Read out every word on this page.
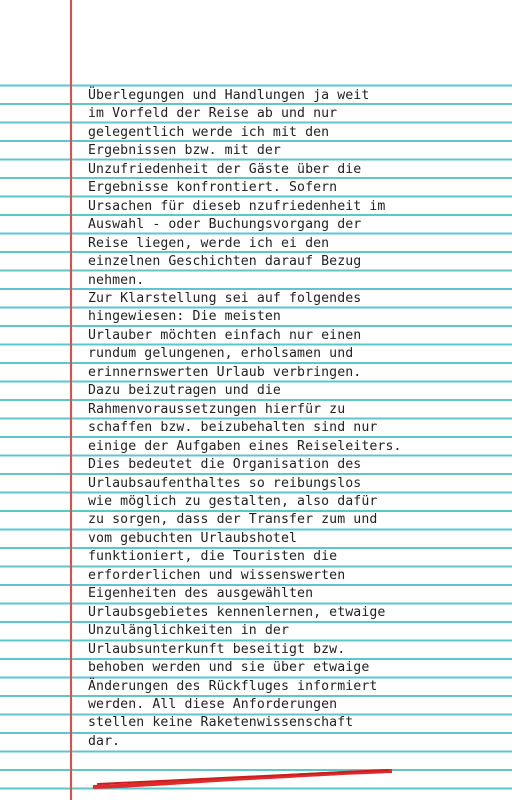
Überlegungen und Handlungen ja weit
im Vorfeld der Reise ab und nur
gelegentlich werde ich mit den
Ergebnissen bzw. mit der
Unzufriedenheit der Gäste über die
Ergebnisse konfrontiert. Sofern
Ursachen für dieseb nzufriedenheit im
Auswahl - oder Buchungsvorgang der
Reise liegen, werde ich ei den
einzelnen Geschichten darauf Bezug
nehmen.
Zur Klarstellung sei auf folgendes
hingewiesen: Die meisten
Urlauber möchten einfach nur einen
rundum gelungenen, erholsamen und
erinnernswerten Urlaub verbringen.
Dazu beizutragen und die
Rahmenvoraussetzungen hierfür zu
schaffen bzw. beizubehalten sind nur
einige der Aufgaben eines Reiseleiters.
Dies bedeutet die Organisation des
Urlaubsaufenthaltes so reibungslos
wie möglich zu gestalten, also dafür
zu sorgen, dass der Transfer zum und
vom gebuchten Urlaubshotel
funktioniert, die Touristen die
erforderlichen und wissenswerten
Eigenheiten des ausgewählten
Urlaubsgebietes kennenlernen, etwaige
Unzulänglichkeiten in der
Urlaubsunterkunft beseitigt bzw.
behoben werden und sie über etwaige
Änderungen des Rückfluges informiert
werden. All diese Anforderungen
stellen keine Raketenwissenschaft
dar.
